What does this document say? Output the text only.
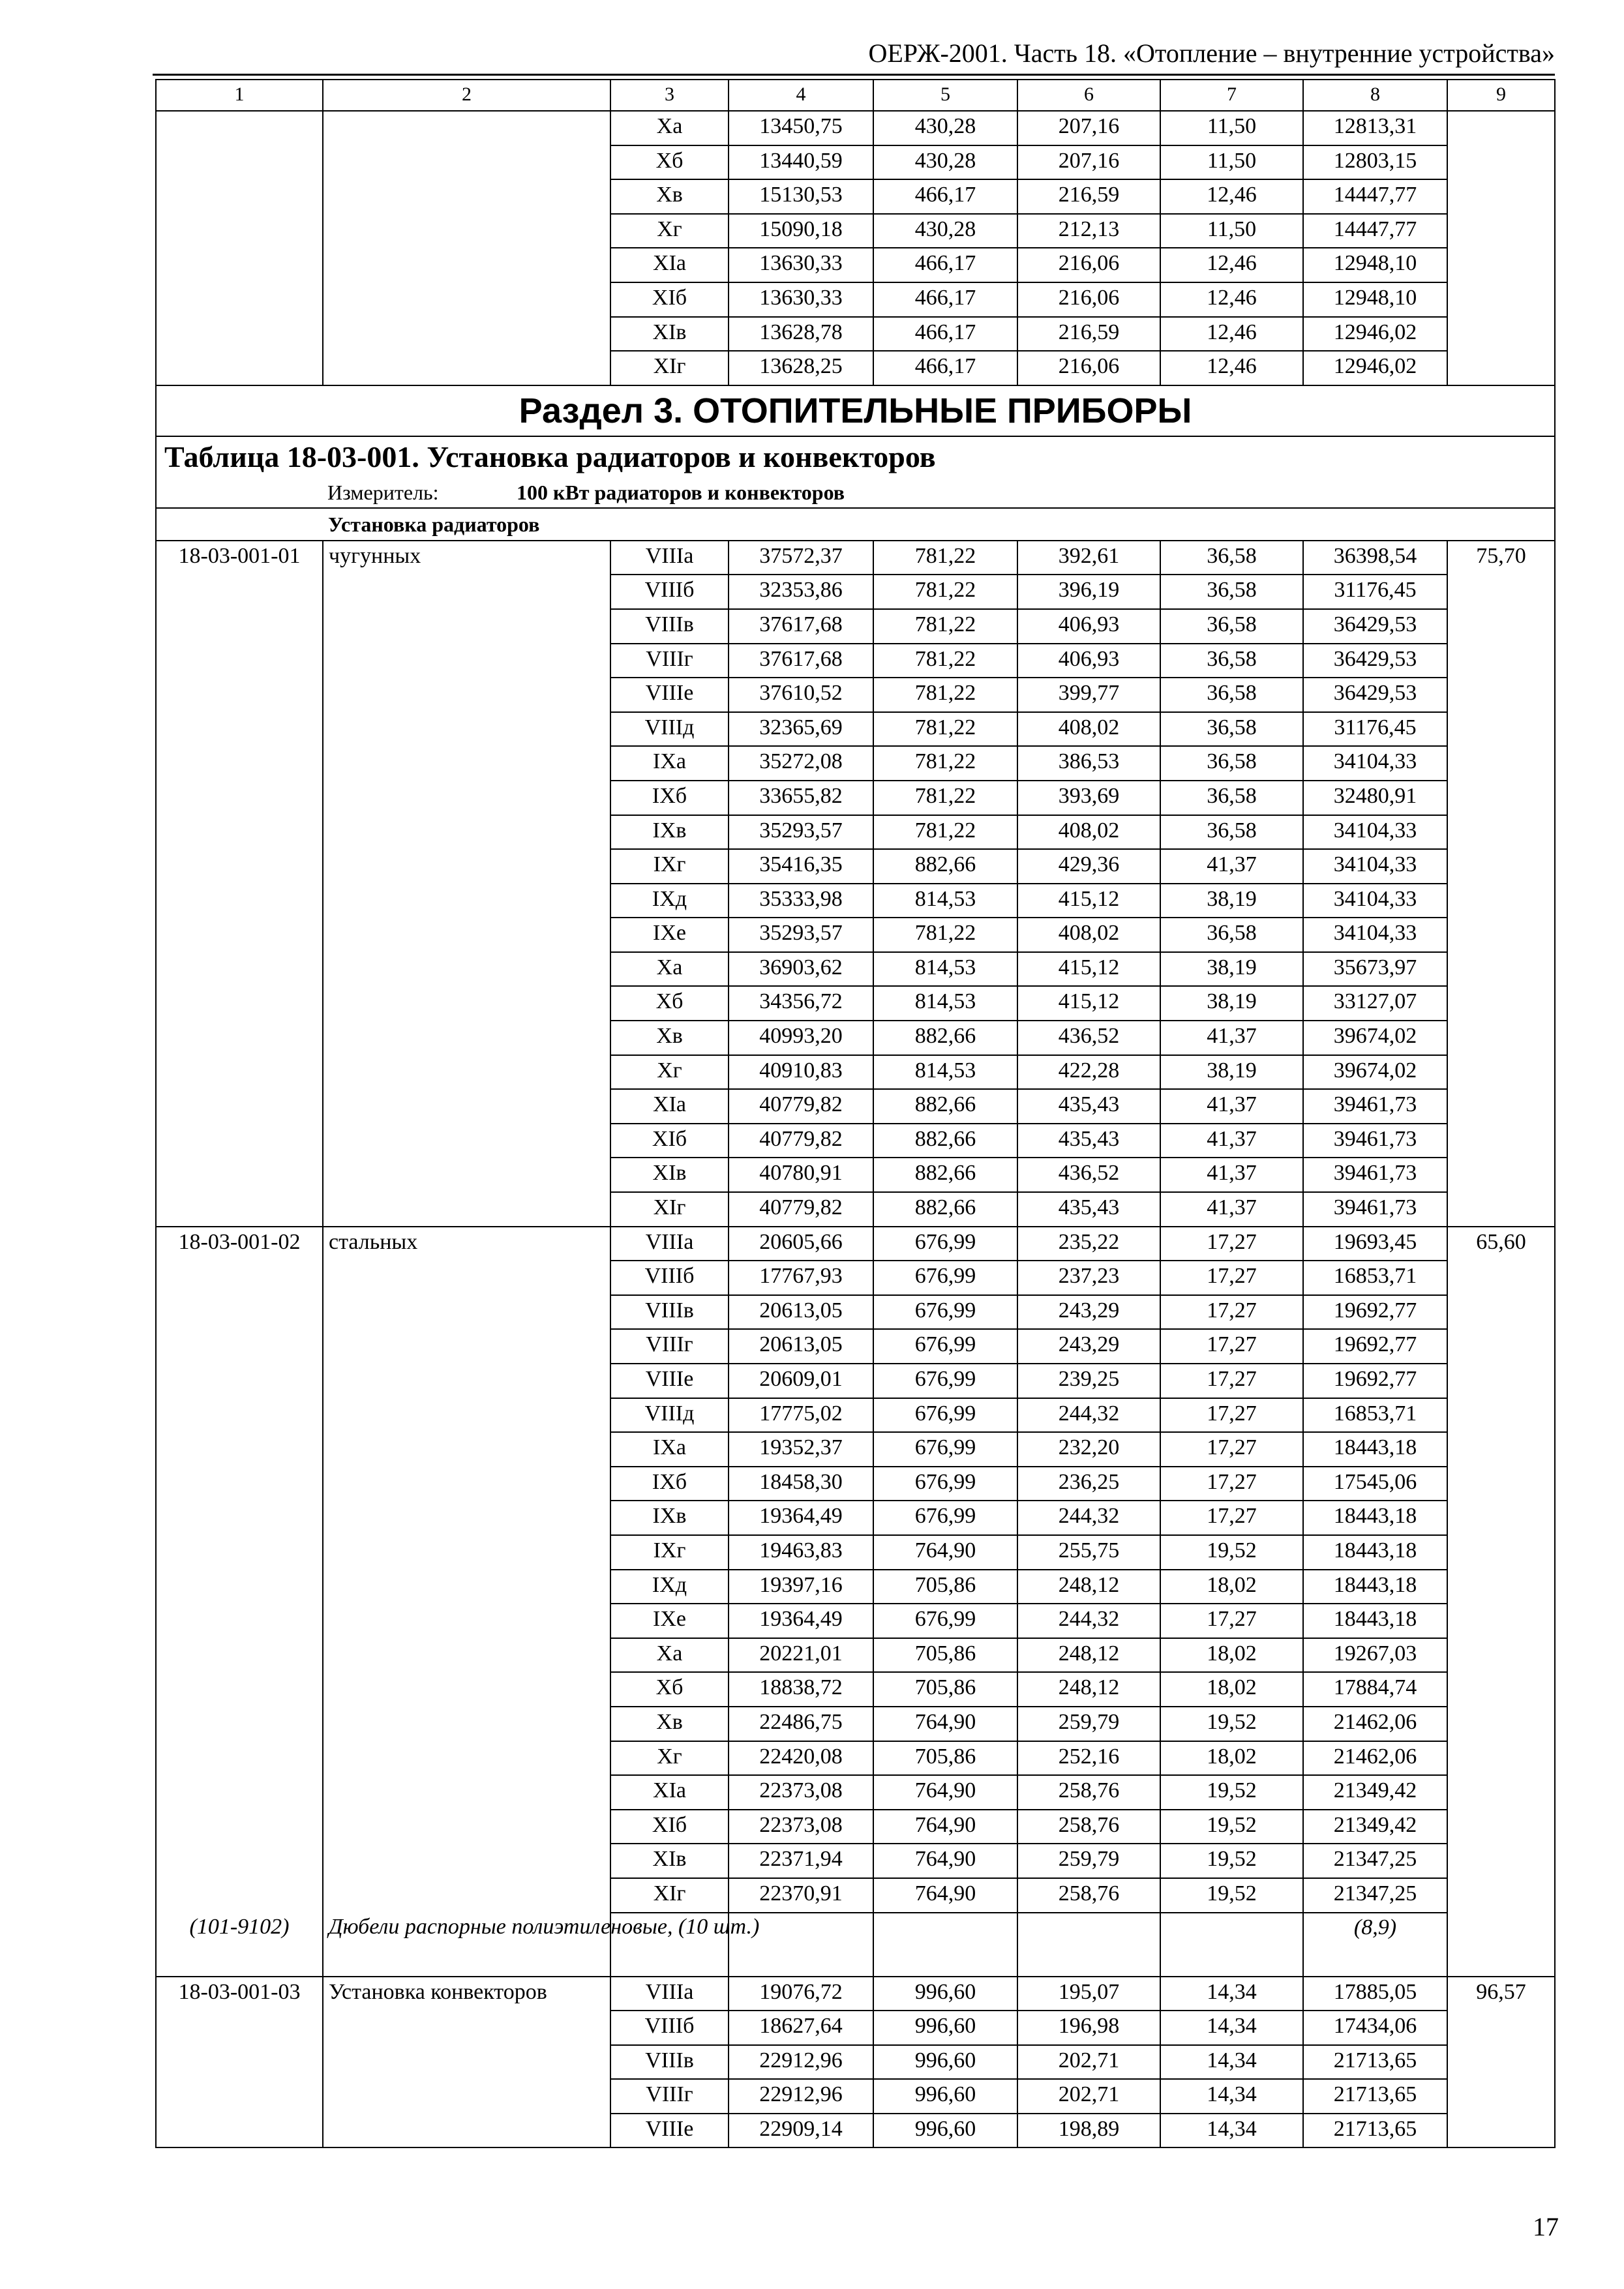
ОЕРЖ-2001. Часть 18. «Отопление – внутренние устройства»
1	2	3	4	5	6	7	8	9
		Xa	13450,75	430,28	207,16	11,50	12813,31	
		Xб	13440,59	430,28	207,16	11,50	12803,15	
		Xв	15130,53	466,17	216,59	12,46	14447,77	
		Xг	15090,18	430,28	212,13	11,50	14447,77	
		XIa	13630,33	466,17	216,06	12,46	12948,10	
		XIб	13630,33	466,17	216,06	12,46	12948,10	
		XIв	13628,78	466,17	216,59	12,46	12946,02	
		XIг	13628,25	466,17	216,06	12,46	12946,02	
Раздел 3. ОТОПИТЕЛЬНЫЕ ПРИБОРЫ								
Таблица 18-03-001. Установка радиаторов и конвекторов								
Измеритель: 100 кВт радиаторов и конвекторов								
	Установка радиаторов							
18-03-001-01	чугунных	VIIIa	37572,37	781,22	392,61	36,58	36398,54	75,70
		VIIIб	32353,86	781,22	396,19	36,58	31176,45	
		VIIIв	37617,68	781,22	406,93	36,58	36429,53	
		VIIIг	37617,68	781,22	406,93	36,58	36429,53	
		VIIIe	37610,52	781,22	399,77	36,58	36429,53	
		VIIIд	32365,69	781,22	408,02	36,58	31176,45	
		IXa	35272,08	781,22	386,53	36,58	34104,33	
		IXб	33655,82	781,22	393,69	36,58	32480,91	
		IXв	35293,57	781,22	408,02	36,58	34104,33	
		IXг	35416,35	882,66	429,36	41,37	34104,33	
		IXд	35333,98	814,53	415,12	38,19	34104,33	
		IXe	35293,57	781,22	408,02	36,58	34104,33	
		Xa	36903,62	814,53	415,12	38,19	35673,97	
		Xб	34356,72	814,53	415,12	38,19	33127,07	
		Xв	40993,20	882,66	436,52	41,37	39674,02	
		Xг	40910,83	814,53	422,28	38,19	39674,02	
		XIa	40779,82	882,66	435,43	41,37	39461,73	
		XIб	40779,82	882,66	435,43	41,37	39461,73	
		XIв	40780,91	882,66	436,52	41,37	39461,73	
		XIг	40779,82	882,66	435,43	41,37	39461,73	
18-03-001-02	стальных	VIIIa	20605,66	676,99	235,22	17,27	19693,45	65,60
		VIIIб	17767,93	676,99	237,23	17,27	16853,71	
		VIIIв	20613,05	676,99	243,29	17,27	19692,77	
		VIIIг	20613,05	676,99	243,29	17,27	19692,77	
		VIIIe	20609,01	676,99	239,25	17,27	19692,77	
		VIIIд	17775,02	676,99	244,32	17,27	16853,71	
		IXa	19352,37	676,99	232,20	17,27	18443,18	
		IXб	18458,30	676,99	236,25	17,27	17545,06	
		IXв	19364,49	676,99	244,32	17,27	18443,18	
		IXг	19463,83	764,90	255,75	19,52	18443,18	
		IXд	19397,16	705,86	248,12	18,02	18443,18	
		IXe	19364,49	676,99	244,32	17,27	18443,18	
		Xa	20221,01	705,86	248,12	18,02	19267,03	
		Xб	18838,72	705,86	248,12	18,02	17884,74	
		Xв	22486,75	764,90	259,79	19,52	21462,06	
		Xг	22420,08	705,86	252,16	18,02	21462,06	
		XIa	22373,08	764,90	258,76	19,52	21349,42	
		XIб	22373,08	764,90	258,76	19,52	21349,42	
		XIв	22371,94	764,90	259,79	19,52	21347,25	
		XIг	22370,91	764,90	258,76	19,52	21347,25	
(101-9102)	Дюбели распорные полиэтиленовые, (10 шт.)						(8,9)	
18-03-001-03	Установка конвекторов	VIIIa	19076,72	996,60	195,07	14,34	17885,05	96,57
		VIIIб	18627,64	996,60	196,98	14,34	17434,06	
		VIIIв	22912,96	996,60	202,71	14,34	21713,65	
		VIIIг	22912,96	996,60	202,71	14,34	21713,65	
		VIIIe	22909,14	996,60	198,89	14,34	21713,65	
17
